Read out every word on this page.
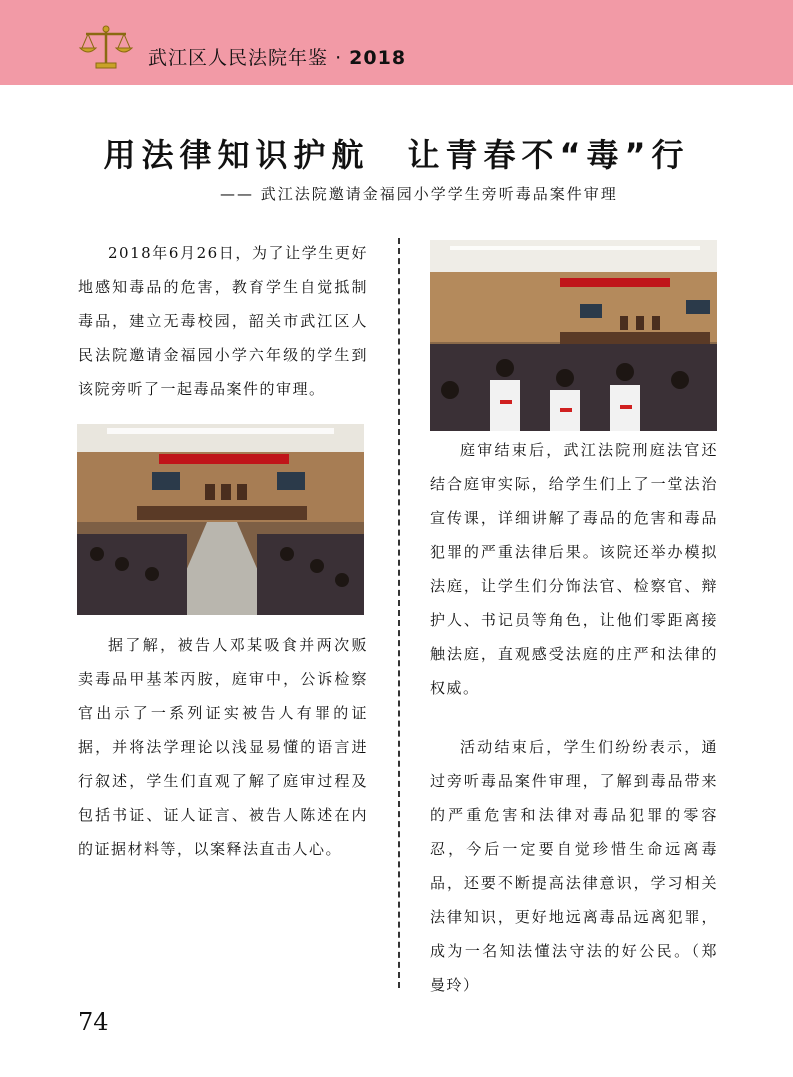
武江区人民法院年鉴 · 2018
用法律知识护航　让青春不“毒”行
—— 武江法院邀请金福园小学学生旁听毒品案件审理

2018年6月26日，为了让学生更好地感知毒品的危害，教育学生自觉抵制毒品，建立无毒校园，韶关市武江区人民法院邀请金福园小学六年级的学生到该院旁听了一起毒品案件的审理。

据了解，被告人邓某吸食并两次贩卖毒品甲基苯丙胺，庭审中，公诉检察官出示了一系列证实被告人有罪的证据，并将法学理论以浅显易懂的语言进行叙述，学生们直观了解了庭审过程及包括书证、证人证言、被告人陈述在内的证据材料等，以案释法直击人心。

庭审结束后，武江法院刑庭法官还结合庭审实际，给学生们上了一堂法治宣传课，详细讲解了毒品的危害和毒品犯罪的严重法律后果。该院还举办模拟法庭，让学生们分饰法官、检察官、辩护人、书记员等角色，让他们零距离接触法庭，直观感受法庭的庄严和法律的权威。

活动结束后，学生们纷纷表示，通过旁听毒品案件审理，了解到毒品带来的严重危害和法律对毒品犯罪的零容忍，今后一定要自觉珍惜生命远离毒品，还要不断提高法律意识，学习相关法律知识，更好地远离毒品远离犯罪，成为一名知法懂法守法的好公民。（郑曼玲）

74
